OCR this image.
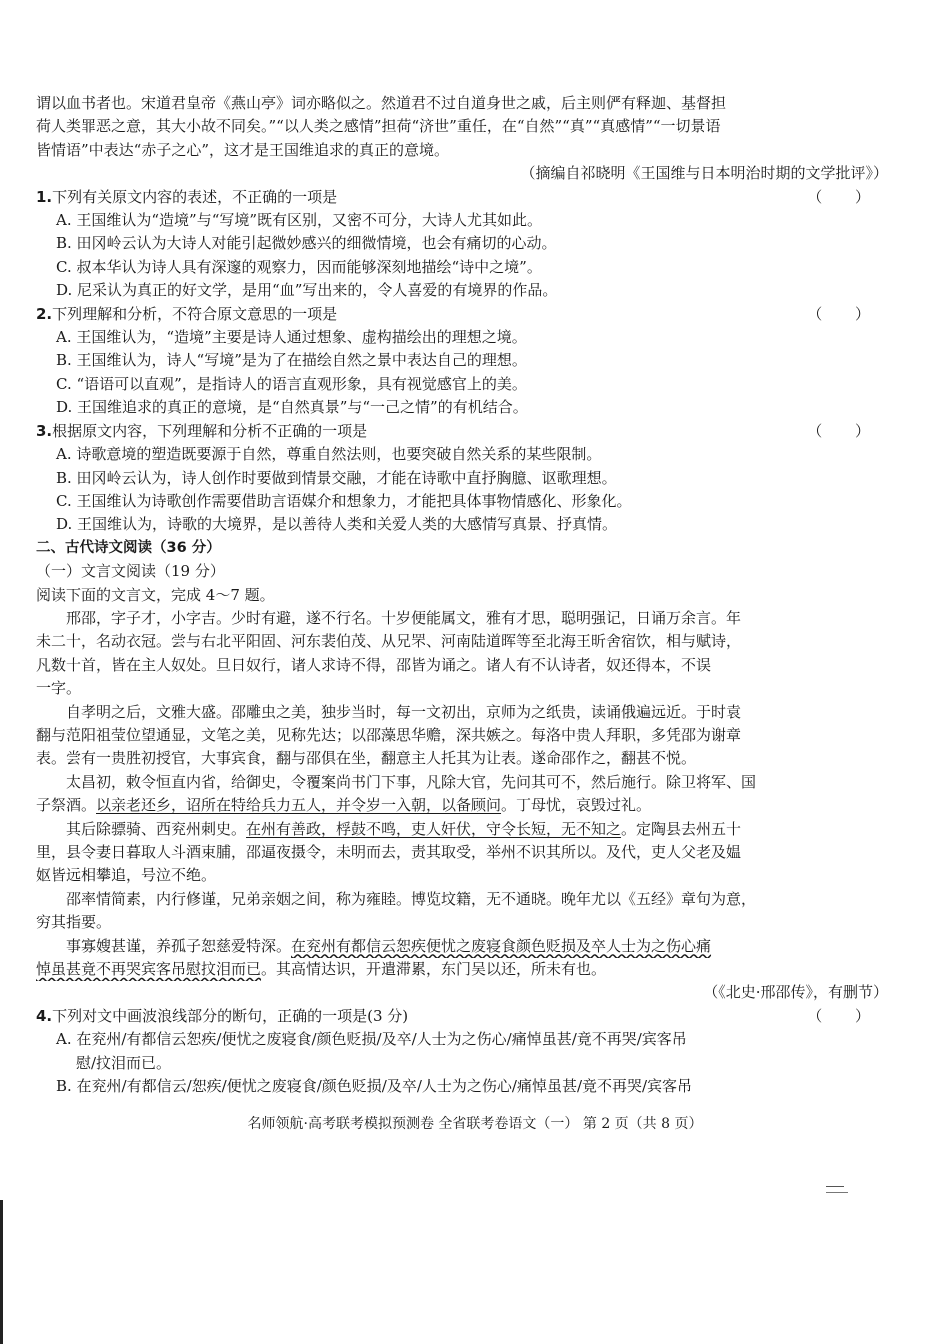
谓以血书者也。宋道君皇帝《燕山亭》词亦略似之。然道君不过自道身世之戚，后主则俨有释迦、基督担
荷人类罪恶之意，其大小故不同矣。”“以人类之感情”担荷“济世”重任，在“自然”“真”“真感情”“一切景语
皆情语”中表达“赤子之心”，这才是王国维追求的真正的意境。
（摘编自祁晓明《王国维与日本明治时期的文学批评》）
1.下列有关原文内容的表述，不正确的一项是	（ ）
A. 王国维认为“造境”与“写境”既有区别，又密不可分，大诗人尤其如此。
B. 田冈岭云认为大诗人对能引起微妙感兴的细微情境，也会有痛切的心动。
C. 叔本华认为诗人具有深邃的观察力，因而能够深刻地描绘“诗中之境”。
D. 尼采认为真正的好文学，是用“血”写出来的，令人喜爱的有境界的作品。
2.下列理解和分析，不符合原文意思的一项是	（ ）
A. 王国维认为，“造境”主要是诗人通过想象、虚构描绘出的理想之境。
B. 王国维认为，诗人“写境”是为了在描绘自然之景中表达自己的理想。
C. “语语可以直观”，是指诗人的语言直观形象，具有视觉感官上的美。
D. 王国维追求的真正的意境，是“自然真景”与“一己之情”的有机结合。
3.根据原文内容，下列理解和分析不正确的一项是	（ ）
A. 诗歌意境的塑造既要源于自然，尊重自然法则，也要突破自然关系的某些限制。
B. 田冈岭云认为，诗人创作时要做到情景交融，才能在诗歌中直抒胸臆、讴歌理想。
C. 王国维认为诗歌创作需要借助言语媒介和想象力，才能把具体事物情感化、形象化。
D. 王国维认为，诗歌的大境界，是以善待人类和关爱人类的大感情写真景、抒真情。
二、古代诗文阅读（36 分）
（一）文言文阅读（19 分）
阅读下面的文言文，完成 4～7 题。
邢邵，字子才，小字吉。少时有避，遂不行名。十岁便能属文，雅有才思，聪明强记，日诵万余言。年
未二十，名动衣冠。尝与右北平阳固、河东裴伯茂、从兄罘、河南陆道晖等至北海王昕舍宿饮，相与赋诗，
凡数十首，皆在主人奴处。旦日奴行，诸人求诗不得，邵皆为诵之。诸人有不认诗者，奴还得本，不误
一字。
自孝明之后，文雅大盛。邵雕虫之美，独步当时，每一文初出，京师为之纸贵，读诵俄遍远近。于时袁
翻与范阳祖莹位望通显，文笔之美，见称先达；以邵藻思华赡，深共嫉之。每洛中贵人拜职，多凭邵为谢章
表。尝有一贵胜初授官，大事宾食，翻与邵俱在坐，翻意主人托其为让表。遂命邵作之，翻甚不悦。
太昌初，敕令恒直内省，给御史，令覆案尚书门下事，凡除大官，先问其可不，然后施行。除卫将军、国
子祭酒。以亲老还乡，诏所在特给兵力五人，并令岁一入朝，以备顾问。丁母忧，哀毁过礼。
其后除骠骑、西兖州刺史。在州有善政，桴鼓不鸣，吏人奸伏，守令长短，无不知之。定陶县去州五十
里，县令妻日暮取人斗酒束脯，邵逼夜摄令，未明而去，责其取受，举州不识其所以。及代，吏人父老及媪
妪皆远相攀追，号泣不绝。
邵率情简素，内行修谨，兄弟亲姻之间，称为雍睦。博览坟籍，无不通晓。晚年尤以《五经》章句为意，
穷其指要。
事寡嫂甚谨，养孤子恕慈爱特深。在兖州有都信云恕疾便忧之废寝食颜色贬损及卒人士为之伤心痛
悼虽甚竟不再哭宾客吊慰抆泪而已。其高情达识，开遣滞累，东门吴以还，所未有也。
（《北史·邢邵传》，有删节）
4.下列对文中画波浪线部分的断句，正确的一项是(3 分)	（ ）
A. 在兖州/有都信云恕疾/便忧之废寝食/颜色贬损/及卒/人士为之伤心/痛悼虽甚/竟不再哭/宾客吊
慰/抆泪而已。
B. 在兖州/有都信云/恕疾/便忧之废寝食/颜色贬损/及卒/人士为之伤心/痛悼虽甚/竟不再哭/宾客吊
名师领航·高考联考模拟预测卷 全省联考卷语文（一） 第 2 页（共 8 页）
